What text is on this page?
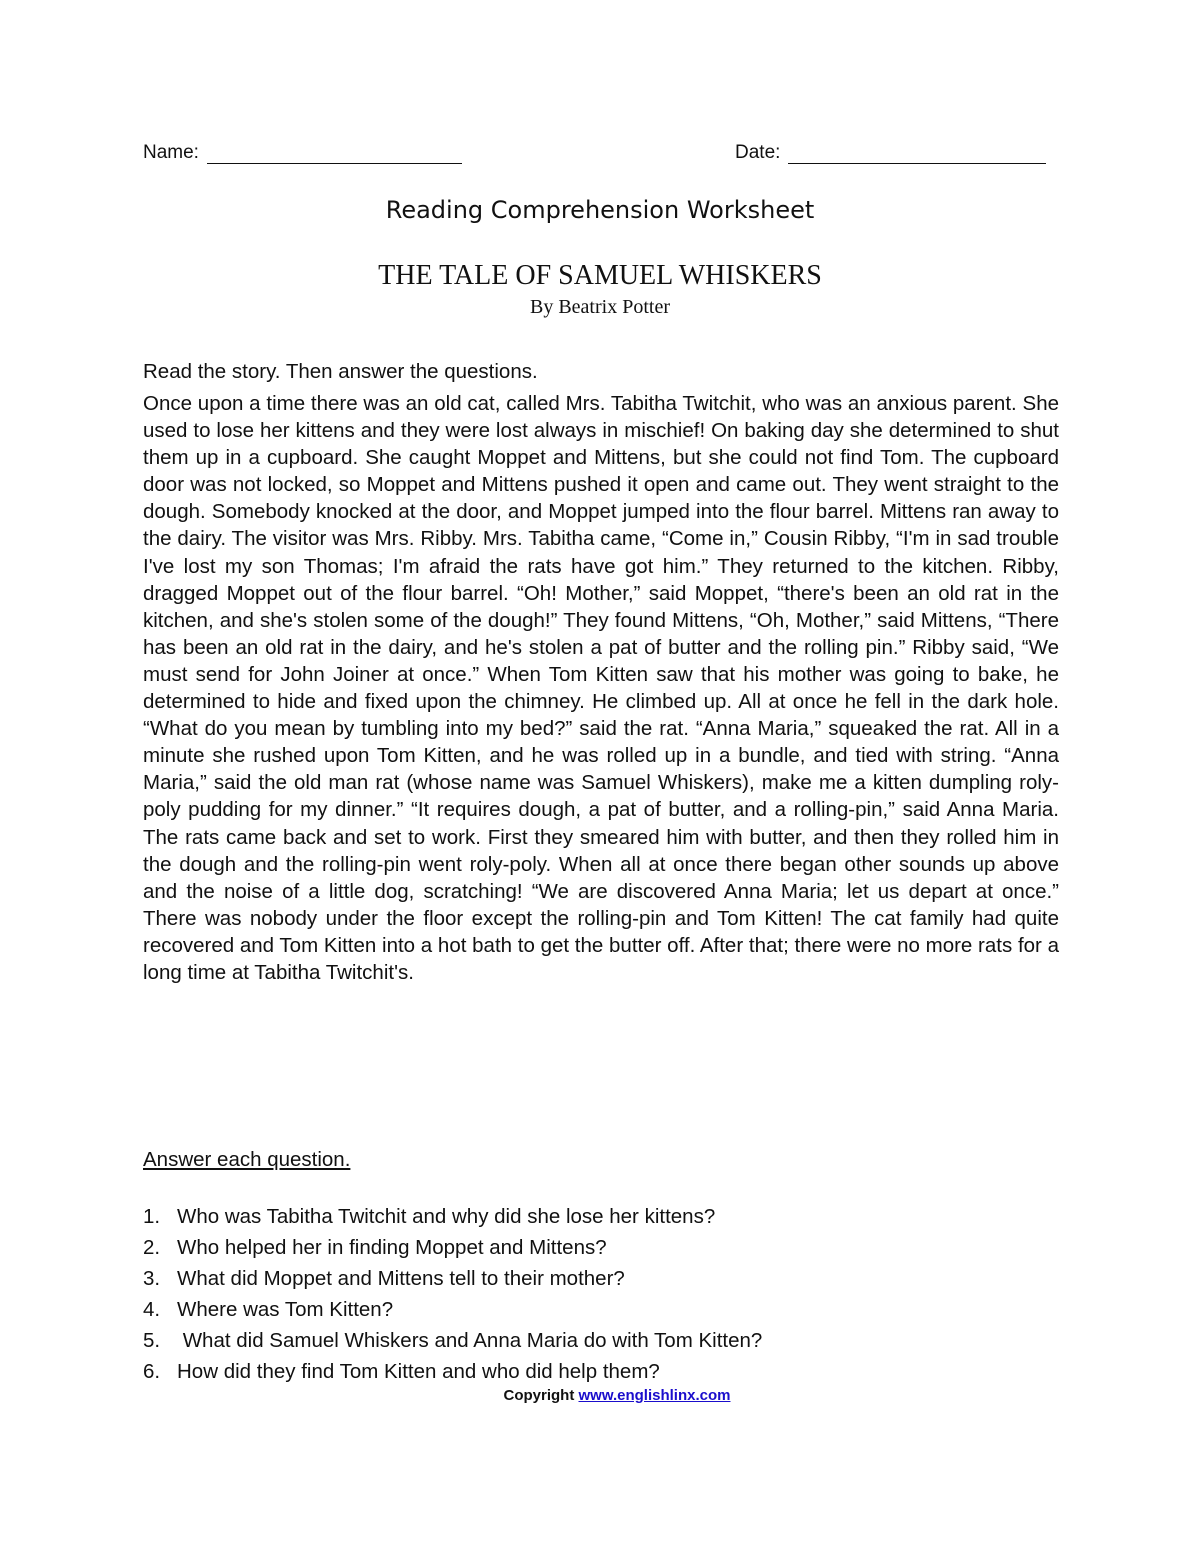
Name:	Date:
Reading Comprehension Worksheet
THE TALE OF SAMUEL WHISKERS
By Beatrix Potter
Read the story. Then answer the questions.

Once upon a time there was an old cat, called Mrs. Tabitha Twitchit, who was an anxious parent. She used to lose her kittens and they were lost always in mischief! On baking day she determined to shut them up in a cupboard. She caught Moppet and Mittens, but she could not find Tom. The cupboard door was not locked, so Moppet and Mittens pushed it open and came out. They went straight to the dough. Somebody knocked at the door, and Moppet jumped into the flour barrel. Mittens ran away to the dairy. The visitor was Mrs. Ribby. Mrs. Tabitha came, “Come in,” Cousin Ribby, “I'm in sad trouble I've lost my son Thomas; I'm afraid the rats have got him.” They returned to the kitchen. Ribby, dragged Moppet out of the flour barrel. “Oh! Mother,” said Moppet, “there's been an old rat in the kitchen, and she's stolen some of the dough!” They found Mittens, “Oh, Mother,” said Mittens, “There has been an old rat in the dairy, and he's stolen a pat of butter and the rolling pin.” Ribby said, “We must send for John Joiner at once.” When Tom Kitten saw that his mother was going to bake, he determined to hide and fixed upon the chimney. He climbed up. All at once he fell in the dark hole. “What do you mean by tumbling into my bed?” said the rat. “Anna Maria,” squeaked the rat. All in a minute she rushed upon Tom Kitten, and he was rolled up in a bundle, and tied with string. “Anna Maria,” said the old man rat (whose name was Samuel Whiskers), make me a kitten dumpling roly-poly pudding for my dinner.” “It requires dough, a pat of butter, and a rolling-pin,” said Anna Maria. The rats came back and set to work. First they smeared him with butter, and then they rolled him in the dough and the rolling-pin went roly-poly. When all at once there began other sounds up above and the noise of a little dog, scratching! “We are discovered Anna Maria; let us depart at once.” There was nobody under the floor except the rolling-pin and Tom Kitten! The cat family had quite recovered and Tom Kitten into a hot bath to get the butter off. After that; there were no more rats for a long time at Tabitha Twitchit's.

Answer each question.
1. Who was Tabitha Twitchit and why did she lose her kittens?
2. Who helped her in finding Moppet and Mittens?
3. What did Moppet and Mittens tell to their mother?
4. Where was Tom Kitten?
5. What did Samuel Whiskers and Anna Maria do with Tom Kitten?
6. How did they find Tom Kitten and who did help them?
Copyright www.englishlinx.com
